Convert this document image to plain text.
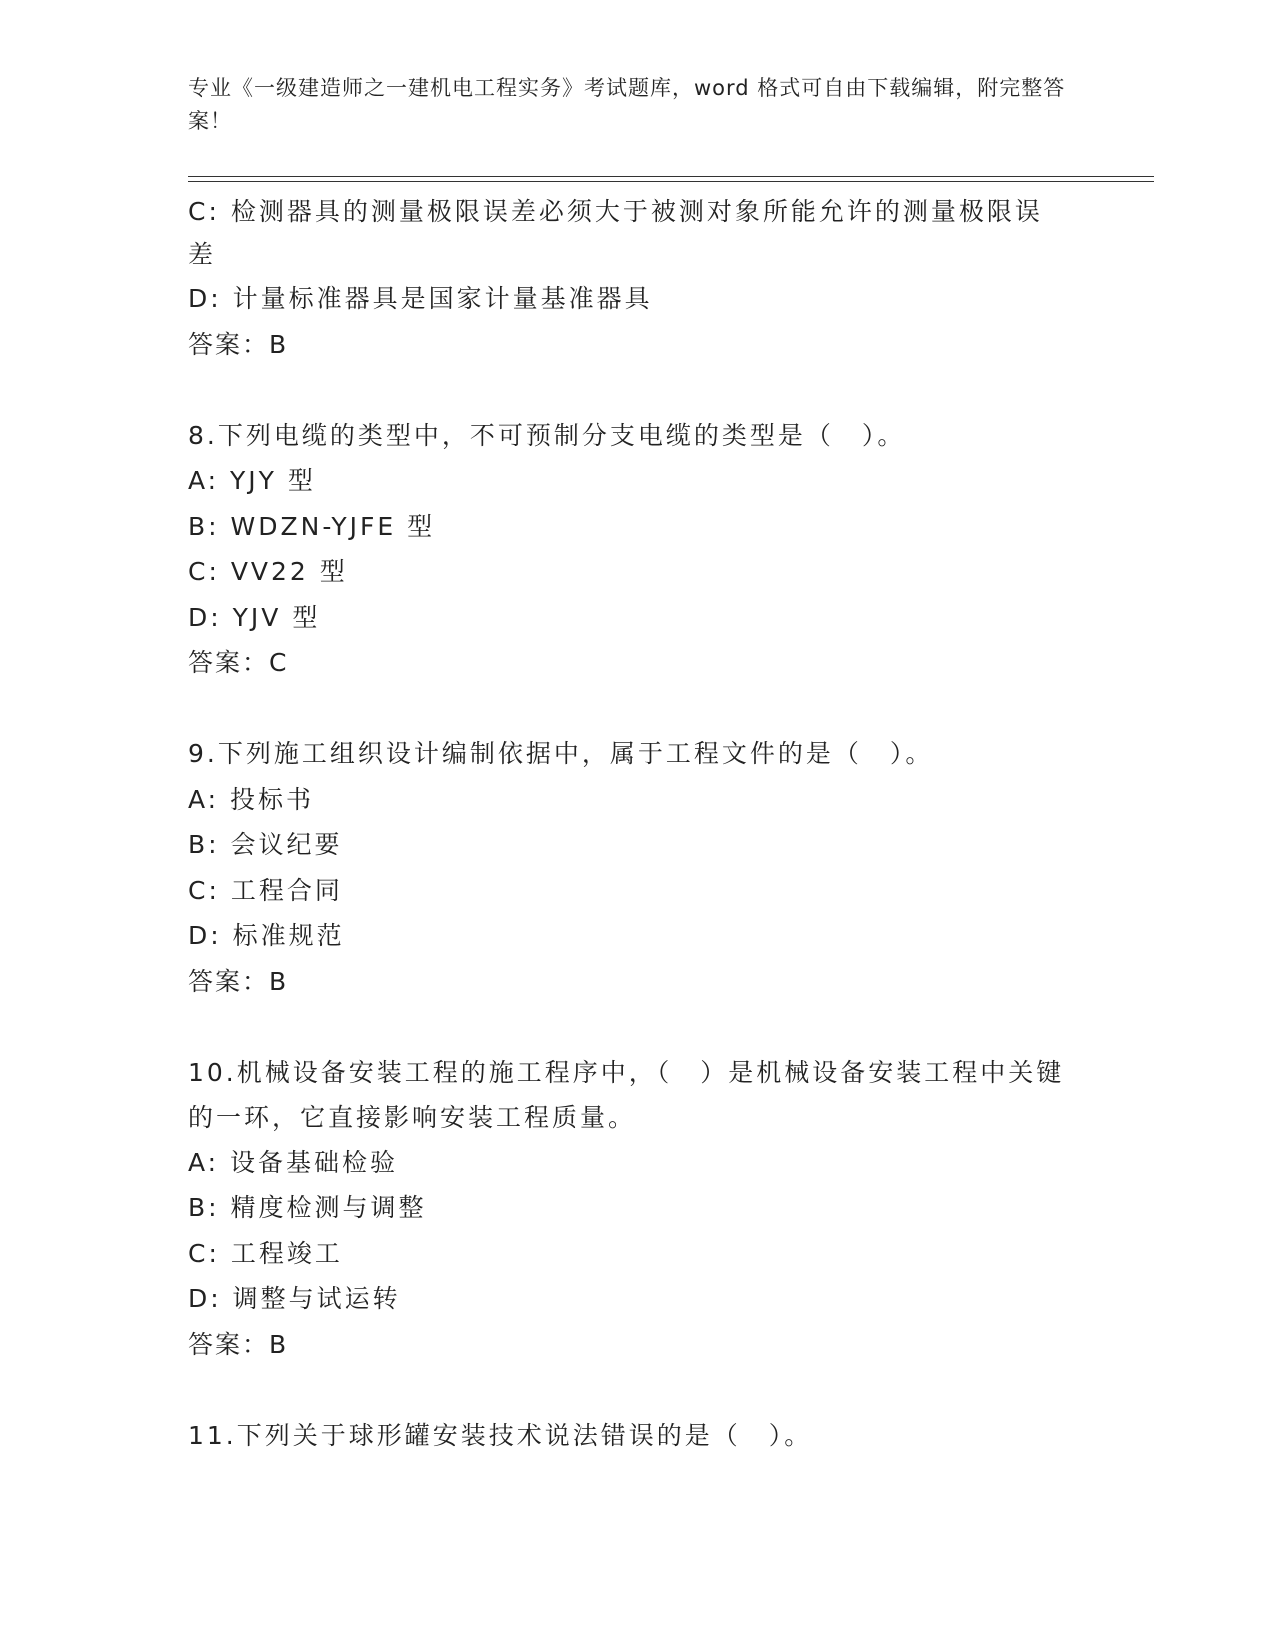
专业《一级建造师之一建机电工程实务》考试题库，word 格式可自由下载编辑，附完整答案！
C: 检测器具的测量极限误差必须大于被测对象所能允许的测量极限误差
D: 计量标准器具是国家计量基准器具
答案：B
8.下列电缆的类型中，不可预制分支电缆的类型是（　）。
A: YJY 型
B: WDZN-YJFE 型
C: VV22 型
D: YJV 型
答案：C
9.下列施工组织设计编制依据中，属于工程文件的是（　）。
A: 投标书
B: 会议纪要
C: 工程合同
D: 标准规范
答案：B
10.机械设备安装工程的施工程序中，（　）是机械设备安装工程中关键的一环，它直接影响安装工程质量。
A: 设备基础检验
B: 精度检测与调整
C: 工程竣工
D: 调整与试运转
答案：B
11.下列关于球形罐安装技术说法错误的是（　）。
